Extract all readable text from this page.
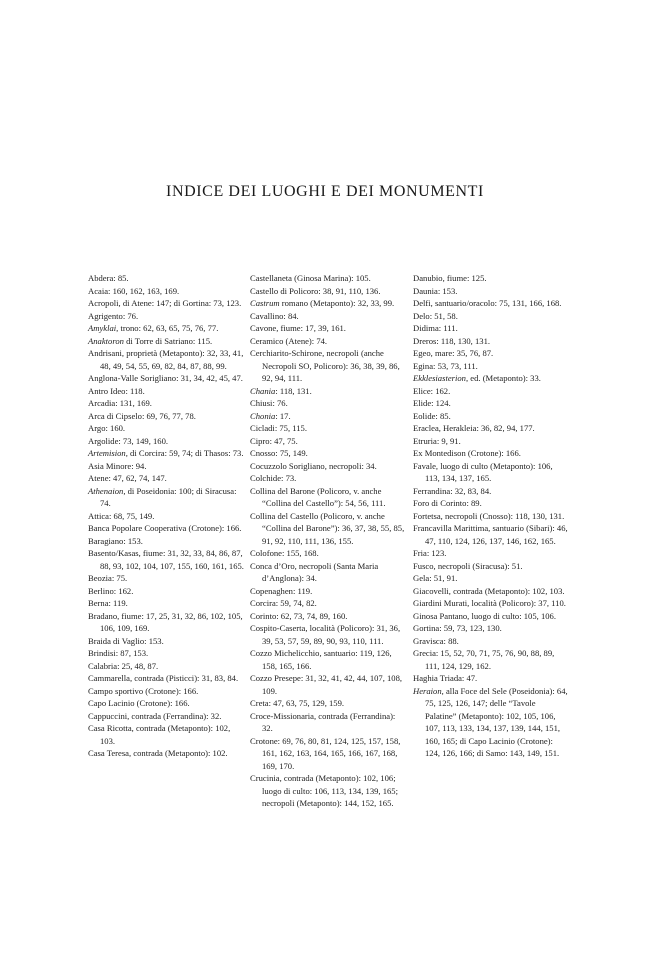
INDICE DEI LUOGHI E DEI MONUMENTI

Abdera: 85.

Acaia: 160, 162, 163, 169.

Acropoli, di Atene: 147; di Gortina: 73, 123.

Agrigento: 76.

Amyklai, trono: 62, 63, 65, 75, 76, 77.

Anaktoron di Torre di Satriano: 115.

Andrisani, proprietà (Metaponto): 32, 33, 41, 48, 49, 54, 55, 69, 82, 84, 87, 88, 99.

Anglona-Valle Sorigliano: 31, 34, 42, 45, 47.

Antro Ideo: 118.

Arcadia: 131, 169.

Arca di Cipselo: 69, 76, 77, 78.

Argo: 160.

Argolide: 73, 149, 160.

Artemision, di Corcira: 59, 74; di Thasos: 73.

Asia Minore: 94.

Atene: 47, 62, 74, 147.

Athenaion, di Poseidonia: 100; di Siracusa: 74.

Attica: 68, 75, 149.

Banca Popolare Cooperativa (Crotone): 166.

Baragiano: 153.

Basento/Kasas, fiume: 31, 32, 33, 84, 86, 87, 88, 93, 102, 104, 107, 155, 160, 161, 165.

Beozia: 75.

Berlino: 162.

Berna: 119.

Bradano, fiume: 17, 25, 31, 32, 86, 102, 105, 106, 109, 169.

Braida di Vaglio: 153.

Brindisi: 87, 153.

Calabria: 25, 48, 87.

Cammarella, contrada (Pisticci): 31, 83, 84.

Campo sportivo (Crotone): 166.

Capo Lacinio (Crotone): 166.

Cappuccini, contrada (Ferrandina): 32.

Casa Ricotta, contrada (Metaponto): 102, 103.

Casa Teresa, contrada (Metaponto): 102.

Castellaneta (Ginosa Marina): 105.

Castello di Policoro: 38, 91, 110, 136.

Castrum romano (Metaponto): 32, 33, 99.

Cavallino: 84.

Cavone, fiume: 17, 39, 161.

Ceramico (Atene): 74.

Cerchiarito-Schirone, necropoli (anche Necropoli SO, Policoro): 36, 38, 39, 86, 92, 94, 111.

Chania: 118, 131.

Chiusi: 76.

Chonia: 17.

Cicladi: 75, 115.

Cipro: 47, 75.

Cnosso: 75, 149.

Cocuzzolo Sorigliano, necropoli: 34.

Colchide: 73.

Collina del Barone (Policoro, v. anche “Collina del Castello”): 54, 56, 111.

Collina del Castello (Policoro, v. anche “Collina del Barone”): 36, 37, 38, 55, 85, 91, 92, 110, 111, 136, 155.

Colofone: 155, 168.

Conca d’Oro, necropoli (Santa Maria d’Anglona): 34.

Copenaghen: 119.

Corcira: 59, 74, 82.

Corinto: 62, 73, 74, 89, 160.

Cospito-Caserta, località (Policoro): 31, 36, 39, 53, 57, 59, 89, 90, 93, 110, 111.

Cozzo Michelicchio, santuario: 119, 126, 158, 165, 166.

Cozzo Presepe: 31, 32, 41, 42, 44, 107, 108, 109.

Creta: 47, 63, 75, 129, 159.

Croce-Missionaria, contrada (Ferrandina): 32.

Crotone: 69, 76, 80, 81, 124, 125, 157, 158, 161, 162, 163, 164, 165, 166, 167, 168, 169, 170.

Crucinia, contrada (Metaponto): 102, 106; luogo di culto: 106, 113, 134, 139, 165; necropoli (Metaponto): 144, 152, 165.

Danubio, fiume: 125.

Daunia: 153.

Delfi, santuario/oracolo: 75, 131, 166, 168.

Delo: 51, 58.

Didima: 111.

Dreros: 118, 130, 131.

Egeo, mare: 35, 76, 87.

Egina: 53, 73, 111.

Ekklesiasterion, ed. (Metaponto): 33.

Elice: 162.

Elide: 124.

Eolide: 85.

Eraclea, Herakleia: 36, 82, 94, 177.

Etruria: 9, 91.

Ex Montedison (Crotone): 166.

Favale, luogo di culto (Metaponto): 106, 113, 134, 137, 165.

Ferrandina: 32, 83, 84.

Foro di Corinto: 89.

Fortetsa, necropoli (Cnosso): 118, 130, 131.

Francavilla Marittima, santuario (Sibari): 46, 47, 110, 124, 126, 137, 146, 162, 165.

Fria: 123.

Fusco, necropoli (Siracusa): 51.

Gela: 51, 91.

Giacovelli, contrada (Metaponto): 102, 103.

Giardini Murati, località (Policoro): 37, 110.

Ginosa Pantano, luogo di culto: 105, 106.

Gortina: 59, 73, 123, 130.

Gravisca: 88.

Grecia: 15, 52, 70, 71, 75, 76, 90, 88, 89, 111, 124, 129, 162.

Haghia Triada: 47.

Heraion, alla Foce del Sele (Poseidonia): 64, 75, 125, 126, 147; delle “Tavole Palatine” (Metaponto): 102, 105, 106, 107, 113, 133, 134, 137, 139, 144, 151, 160, 165; di Capo Lacinio (Crotone): 124, 126, 166; di Samo: 143, 149, 151.
